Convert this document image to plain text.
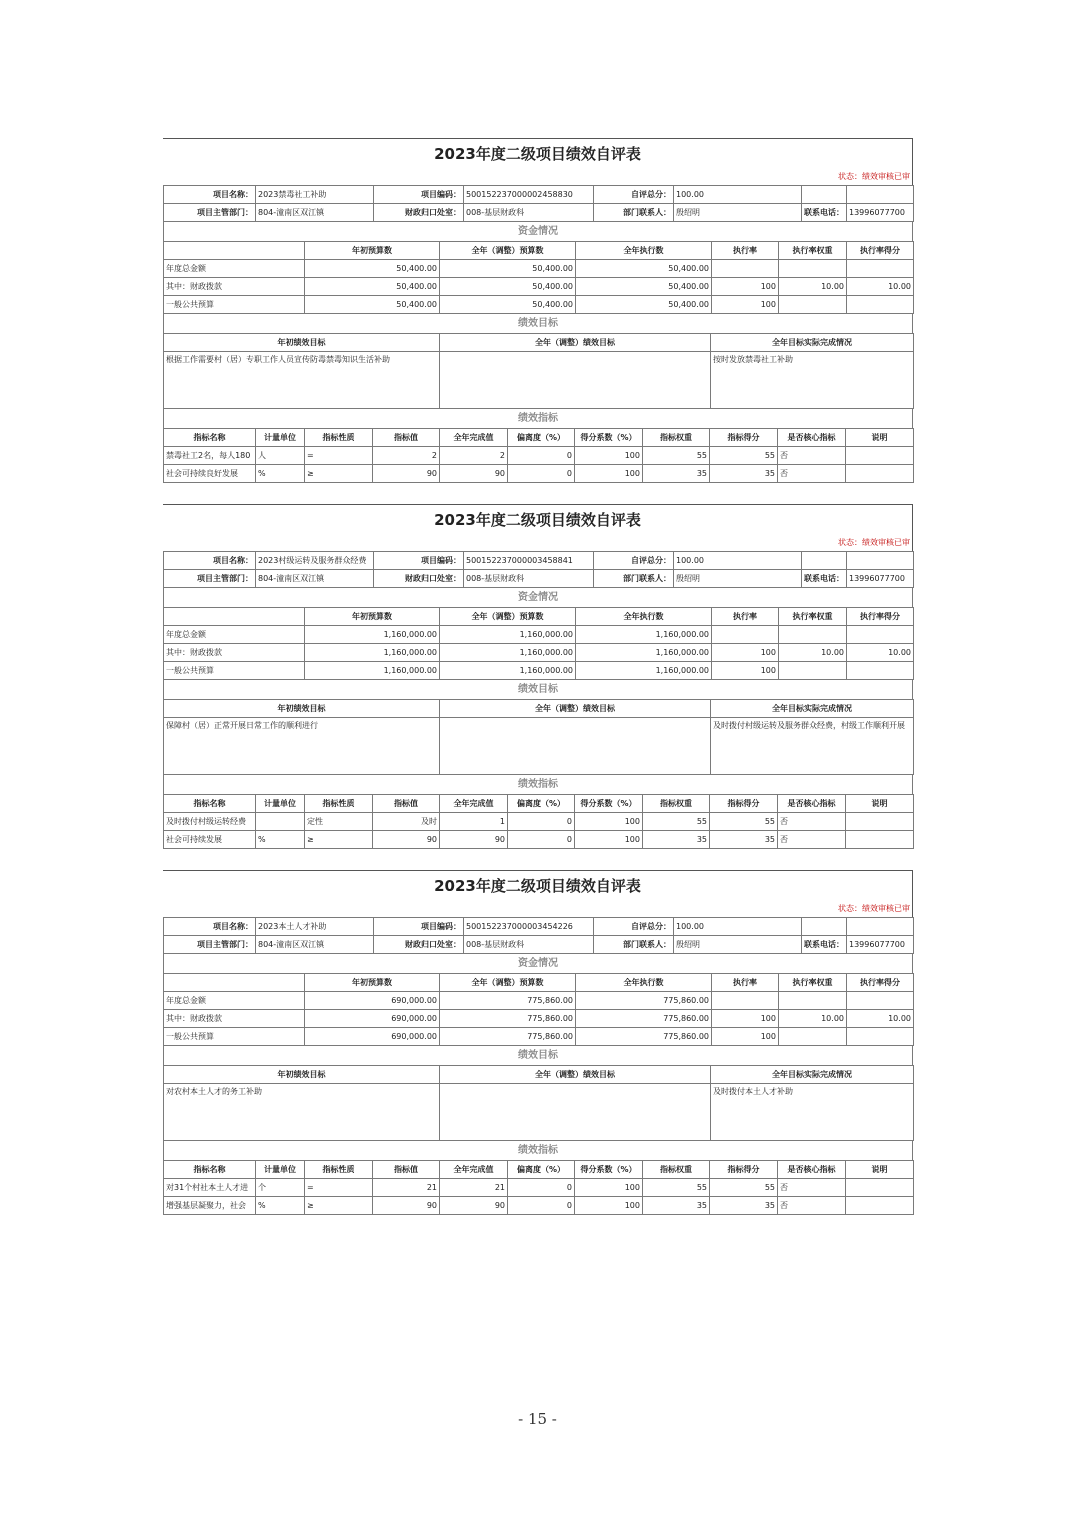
2023年度二级项目绩效自评表
状态：绩效审核已审
项目名称：	2023禁毒社工补助	项目编码：	500152237000002458830	自评总分：	100.00		
项目主管部门：	804-潼南区双江镇	财政归口处室：	008-基层财政科	部门联系人：	殷绍明	联系电话：	13996077700
资金情况
	年初预算数	全年（调整）预算数	全年执行数	执行率	执行率权重	执行率得分
年度总金额	50,400.00	50,400.00	50,400.00			
其中：财政拨款	50,400.00	50,400.00	50,400.00	100	10.00	10.00
一般公共预算	50,400.00	50,400.00	50,400.00	100		
绩效目标
年初绩效目标	全年（调整）绩效目标	全年目标实际完成情况
根据工作需要村（居）专职工作人员宣传防毒禁毒知识生活补助		按时发放禁毒社工补助
绩效指标
指标名称	计量单位	指标性质	指标值	全年完成值	偏离度（%）	得分系数（%）	指标权重	指标得分	是否核心指标	说明
禁毒社工2名，每人180	人	=	2	2	0	100	55	55	否	
社会可持续良好发展	%	≥	90	90	0	100	35	35	否	
2023年度二级项目绩效自评表
状态：绩效审核已审
项目名称：	2023村级运转及服务群众经费	项目编码：	500152237000003458841	自评总分：	100.00		
项目主管部门：	804-潼南区双江镇	财政归口处室：	008-基层财政科	部门联系人：	殷绍明	联系电话：	13996077700
资金情况
	年初预算数	全年（调整）预算数	全年执行数	执行率	执行率权重	执行率得分
年度总金额	1,160,000.00	1,160,000.00	1,160,000.00			
其中：财政拨款	1,160,000.00	1,160,000.00	1,160,000.00	100	10.00	10.00
一般公共预算	1,160,000.00	1,160,000.00	1,160,000.00	100		
绩效目标
年初绩效目标	全年（调整）绩效目标	全年目标实际完成情况
保障村（居）正常开展日常工作的顺利进行		及时拨付村级运转及服务群众经费，村级工作顺利开展
绩效指标
指标名称	计量单位	指标性质	指标值	全年完成值	偏离度（%）	得分系数（%）	指标权重	指标得分	是否核心指标	说明
及时拨付村级运转经费		定性	及时	1	0	100	55	55	否	
社会可持续发展	%	≥	90	90	0	100	35	35	否	
2023年度二级项目绩效自评表
状态：绩效审核已审
项目名称：	2023本土人才补助	项目编码：	500152237000003454226	自评总分：	100.00		
项目主管部门：	804-潼南区双江镇	财政归口处室：	008-基层财政科	部门联系人：	殷绍明	联系电话：	13996077700
资金情况
	年初预算数	全年（调整）预算数	全年执行数	执行率	执行率权重	执行率得分
年度总金额	690,000.00	775,860.00	775,860.00			
其中：财政拨款	690,000.00	775,860.00	775,860.00	100	10.00	10.00
一般公共预算	690,000.00	775,860.00	775,860.00	100		
绩效目标
年初绩效目标	全年（调整）绩效目标	全年目标实际完成情况
对农村本土人才的务工补助		及时拨付本土人才补助
绩效指标
指标名称	计量单位	指标性质	指标值	全年完成值	偏离度（%）	得分系数（%）	指标权重	指标得分	是否核心指标	说明
对31个村社本土人才进	个	=	21	21	0	100	55	55	否	
增强基层凝聚力，社会	%	≥	90	90	0	100	35	35	否	
- 15 -
